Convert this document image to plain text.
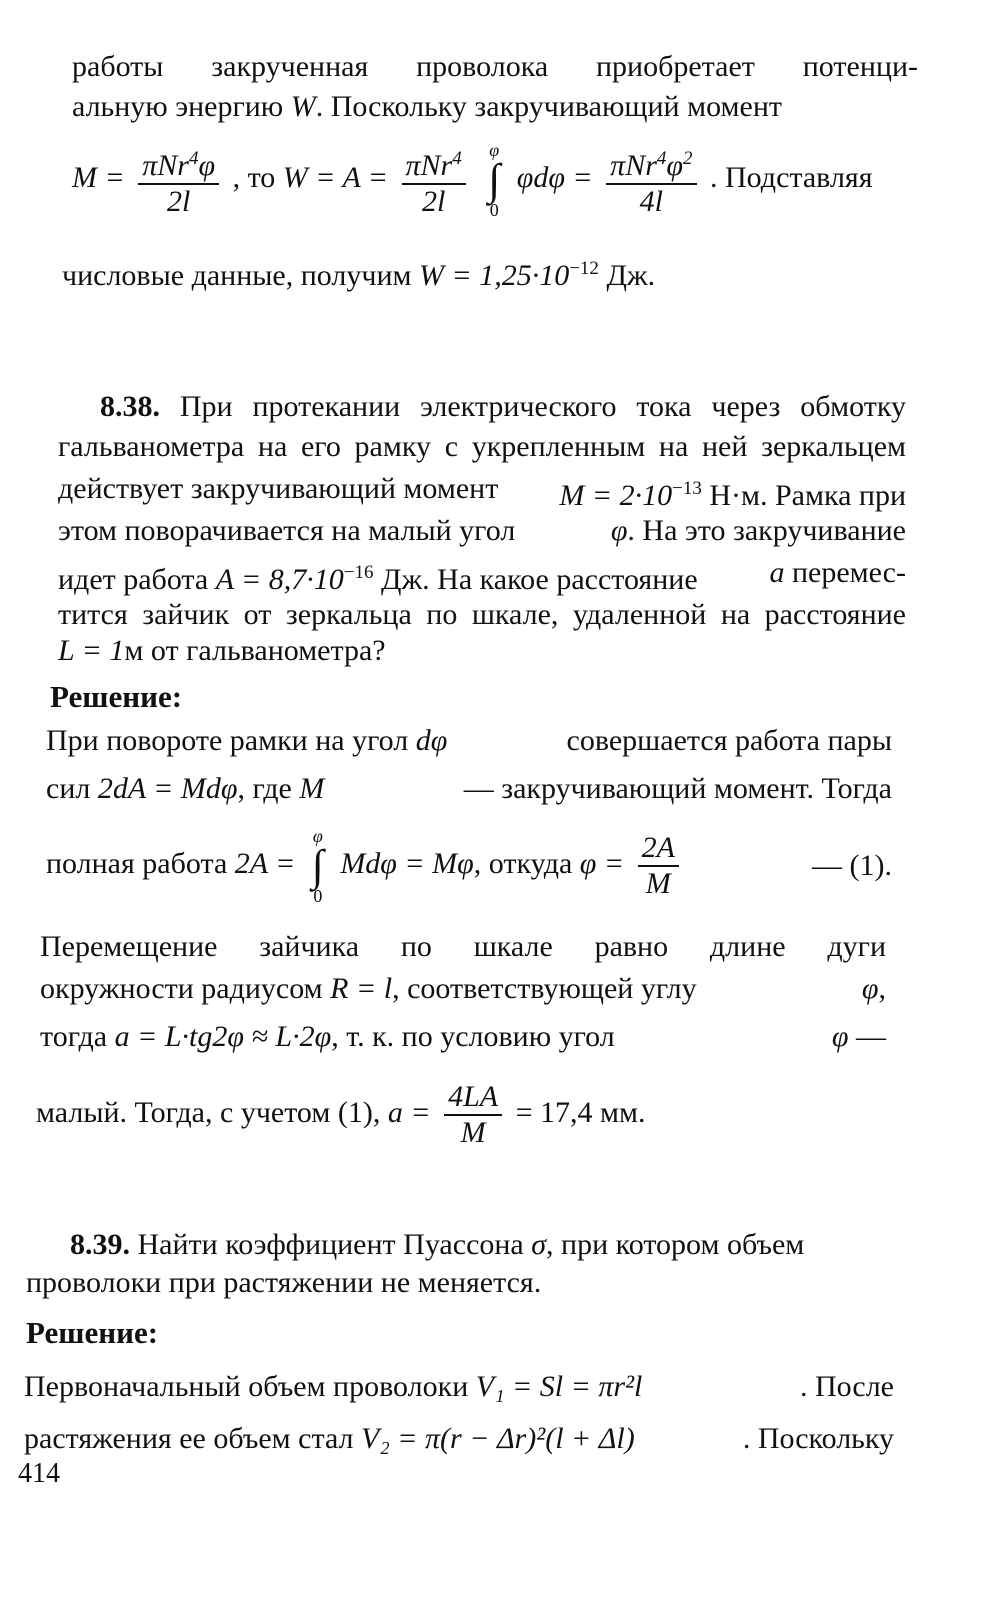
работы закрученная проволока приобретает потенци-
альную энергию W. Поскольку закручивающий момент
$M = \frac{\pi Nr^4\varphi}{2l}$ , то $W = A = \frac{\pi Nr^4}{2l}$
	φ
∫
0
$\varphi d\varphi = \frac{\pi Nr^4\varphi^2}{4l}$ . Подставляя
числовые данные, получим $W = 1,25\cdot 10^{-12}$ Дж.
8.38. При протекании электрического тока через обмотку
гальванометра на его рамку с укрепленным на ней зеркальцем
действует закручивающий момент $M = 2\cdot 10^{-13}$ Н·м. Рамка при
этом поворачивается на малый угол	φ. На это закручивание
идет работа $A = 8,7\cdot 10^{-16}$ Дж. На какое расстояние a перемес-
тится зайчик от зеркальца по шкале, удаленной на расстояние
L = 1м от гальванометра?
Решение:
При повороте рамки на угол dφ	совершается работа пары
сил 2dA = Mdφ, где M	— закручивающий момент. Тогда
полная работа 2A =
φ
∫
0
Mdφ = Mφ, откуда $\varphi = \frac{2A}{M}$	— (1).
Перемещение зайчика по шкале равно длине дуги
окружности радиусом R = l, соответствующей углу	φ,
тогда a = L·tg2φ ≈ L·2φ, т. к. по условию угол	φ —
малый. Тогда, с учетом (1), $a = \frac{4LA}{M} = 17,4$ мм.
8.39. Найти коэффициент Пуассона σ, при котором объем
проволоки при растяжении не меняется.
Решение:
Первоначальный объем проволоки V₁ = Sl = πr²l	. После
растяжения ее объем стал V₂ = π(r − Δr)²(l + Δl)	. Поскольку
414
